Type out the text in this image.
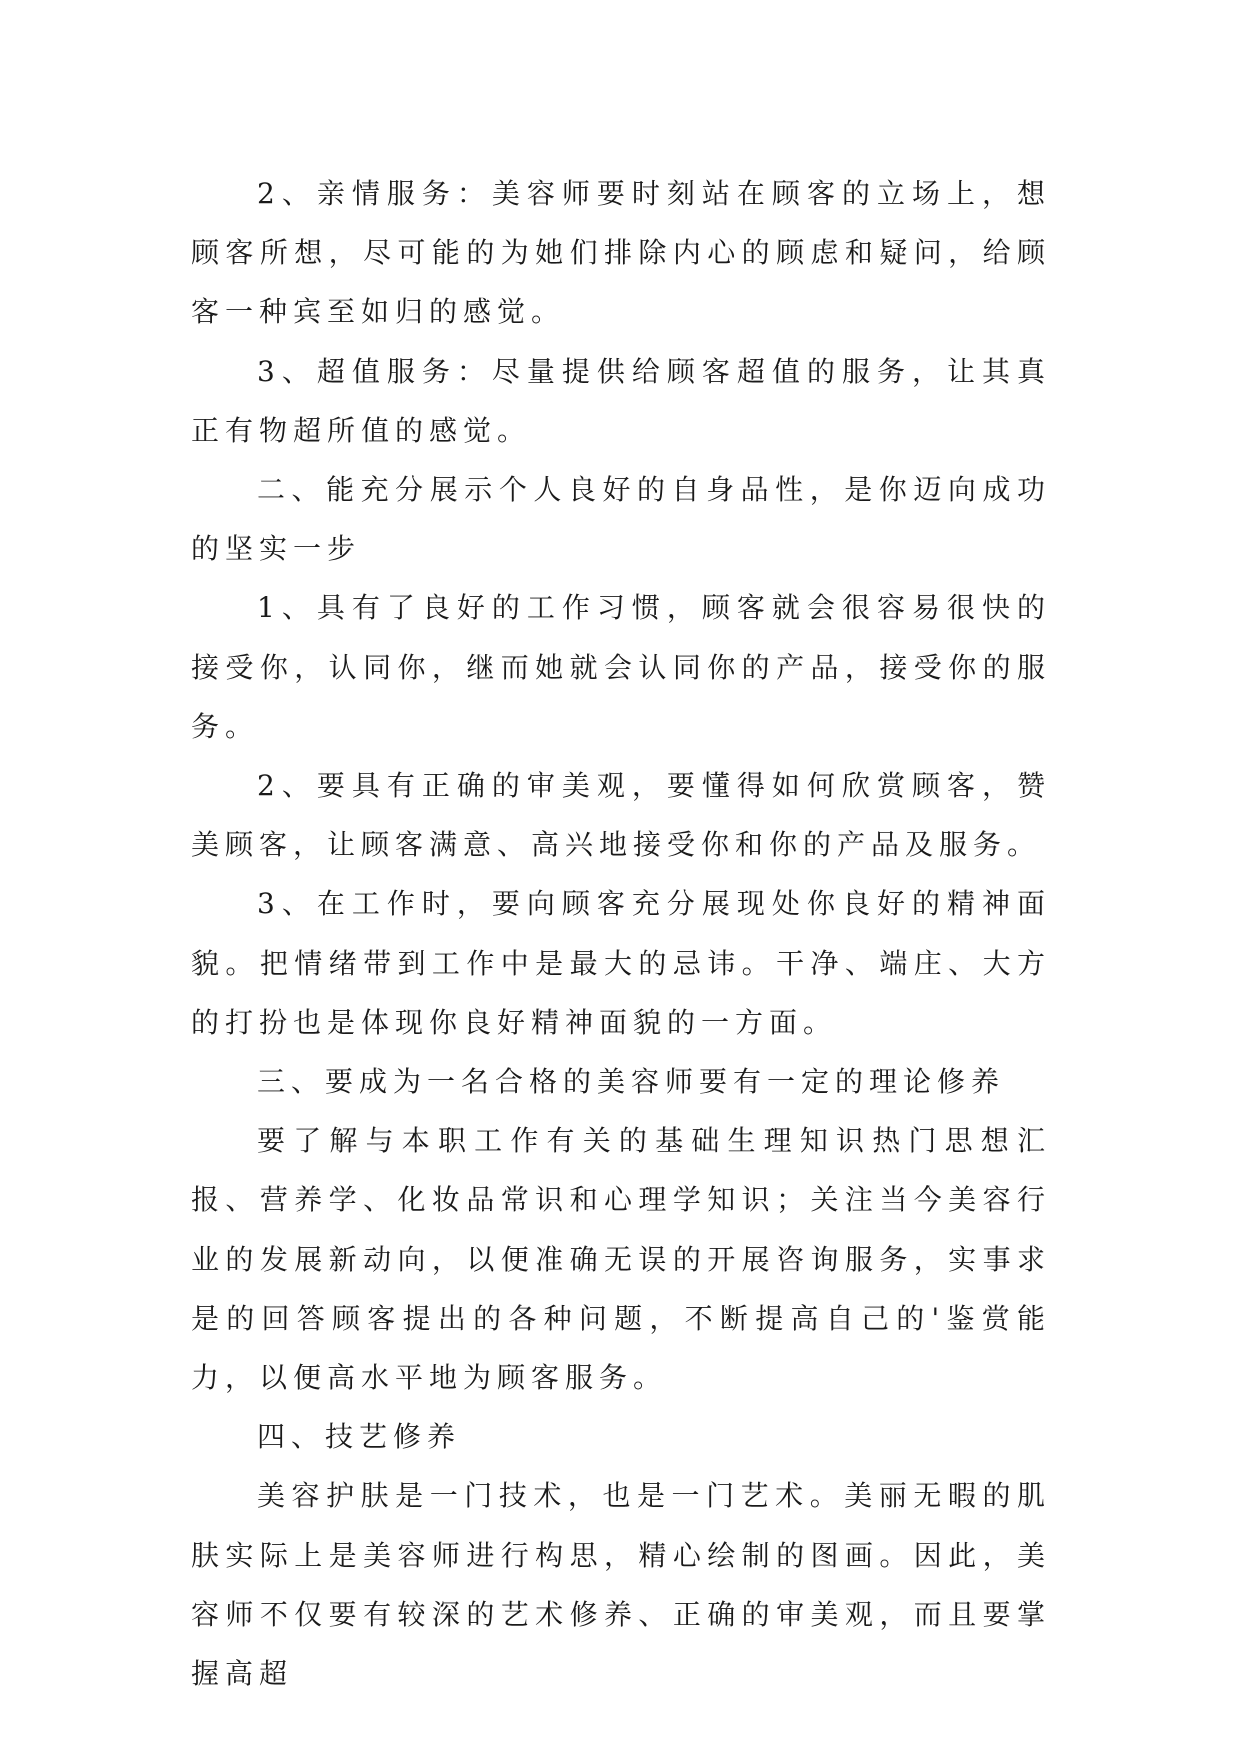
2、亲情服务：美容师要时刻站在顾客的立场上，想顾客所想，尽可能的为她们排除内心的顾虑和疑问，给顾客一种宾至如归的感觉。

3、超值服务：尽量提供给顾客超值的服务，让其真正有物超所值的感觉。

二、能充分展示个人良好的自身品性，是你迈向成功的坚实一步

1、具有了良好的工作习惯，顾客就会很容易很快的接受你，认同你，继而她就会认同你的产品，接受你的服务。

2、要具有正确的审美观，要懂得如何欣赏顾客，赞美顾客，让顾客满意、高兴地接受你和你的产品及服务。

3、在工作时，要向顾客充分展现处你良好的精神面貌。把情绪带到工作中是最大的忌讳。干净、端庄、大方的打扮也是体现你良好精神面貌的一方面。

三、要成为一名合格的美容师要有一定的理论修养

要了解与本职工作有关的基础生理知识热门思想汇报、营养学、化妆品常识和心理学知识；关注当今美容行业的发展新动向，以便准确无误的开展咨询服务，实事求是的回答顾客提出的各种问题，不断提高自己的'鉴赏能力，以便高水平地为顾客服务。

四、技艺修养

美容护肤是一门技术，也是一门艺术。美丽无暇的肌肤实际上是美容师进行构思，精心绘制的图画。因此，美容师不仅要有较深的艺术修养、正确的审美观，而且要掌握高超
